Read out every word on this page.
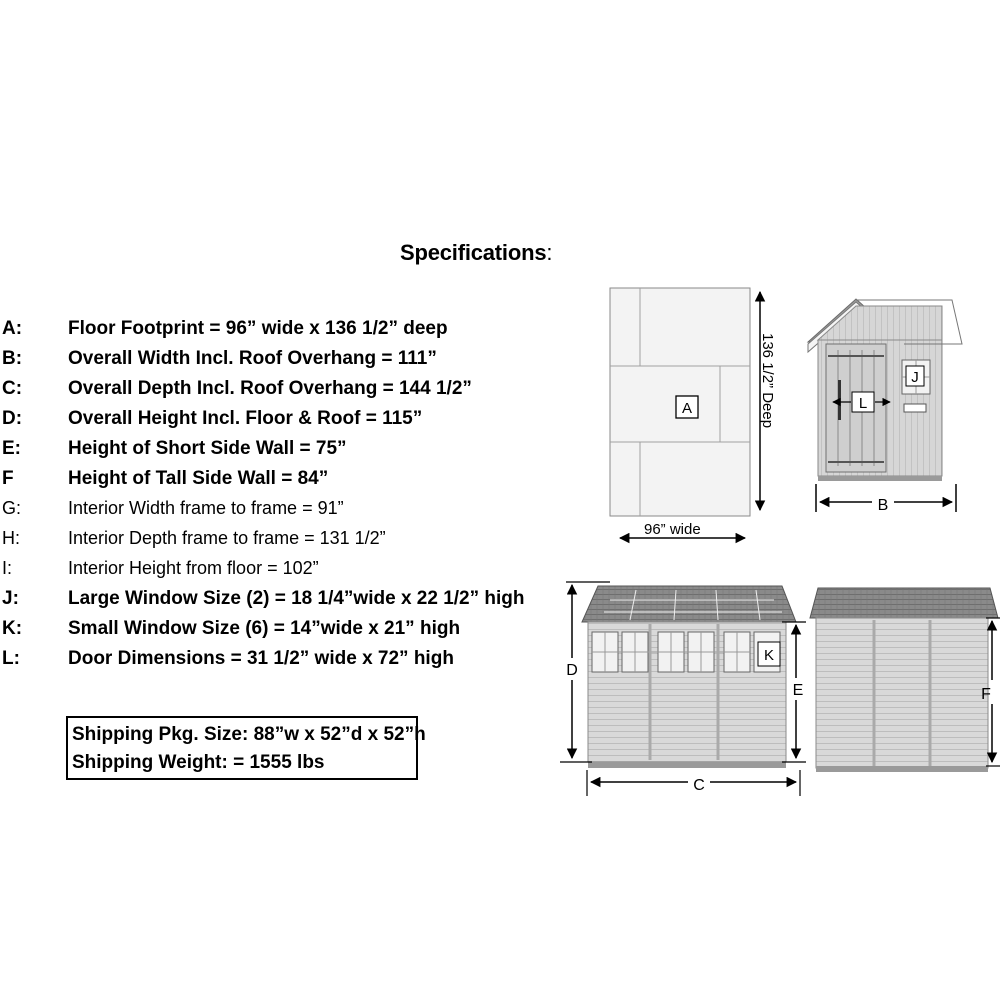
Specifications:
A: Floor Footprint = 96” wide x 136 1/2” deep
B: Overall Width Incl. Roof Overhang = 111”
C: Overall Depth Incl. Roof Overhang = 144 1/2”
D: Overall Height Incl. Floor & Roof = 115”
E: Height of Short Side Wall = 75”
F	Height of Tall Side Wall = 84”
G:	Interior Width frame to frame = 91”
H:	Interior Depth frame to frame = 131 1/2”
I:	Interior Height from floor = 102”
J:	Large Window Size (2) = 18 1/4”wide x 22 1/2” high
K: Small Window Size (6) = 14”wide x 21” high
L:	Door Dimensions = 31 1/2” wide x 72” high
Shipping Pkg. Size: 88”w x 52”d x 52”h
Shipping Weight: = 1555 lbs
A	136 1/2” Deep
96” wide
J
L
B
K
D
E
C
F
